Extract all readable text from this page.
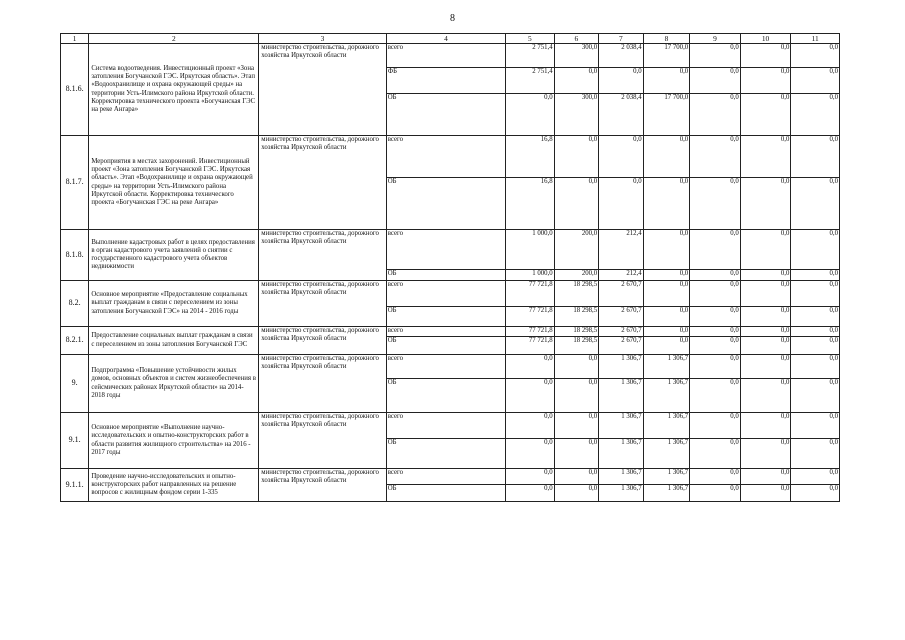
8
1	2	3	4	5	6	7	8	9	10	11
8.1.6.	Система водоотведения. Инвестиционный проект «Зона затопления Богучанской ГЭС. Иркутская область». Этап «Водоохранилище и охрана окружающей среды» на территории Усть-Илимского района Иркутской области. Корректировка технического проекта «Богучанская ГЭС на реке Ангара»	министерство строительства, дорожного хозяйства Иркутской области	всего	2 751,4	300,0	2 038,4	17 700,0	0,0	0,0	0,0
			ФБ	2 751,4	0,0	0,0	0,0	0,0	0,0	0,0
			ОБ	0,0	300,0	2 038,4	17 700,0	0,0	0,0	0,0
8.1.7.	Мероприятия в местах захоронений. Инвестиционный проект «Зона затопления Богучанской ГЭС. Иркутская область». Этап «Водохранилище и охрана окружающей среды» на территории Усть-Илимского района Иркутской области. Корректировка технического проекта «Богучанская ГЭС на реке Ангара»	министерство строительства, дорожного хозяйства Иркутской области	всего	16,8	0,0	0,0	0,0	0,0	0,0	0,0
			ОБ	16,8	0,0	0,0	0,0	0,0	0,0	0,0
8.1.8.	Выполнение кадастровых работ в целях предоставления в орган кадастрового учета заявлений о снятии с государственного кадастрового учета объектов недвижимости	министерство строительства, дорожного хозяйства Иркутской области	всего	1 000,0	200,0	212,4	0,0	0,0	0,0	0,0
			ОБ	1 000,0	200,0	212,4	0,0	0,0	0,0	0,0
8.2.	Основное мероприятие «Предоставление социальных выплат гражданам в связи с переселением из зоны затопления Богучанской ГЭС» на 2014 - 2016 годы	министерство строительства, дорожного хозяйства Иркутской области	всего	77 721,8	18 298,5	2 670,7	0,0	0,0	0,0	0,0
			ОБ	77 721,8	18 298,5	2 670,7	0,0	0,0	0,0	0,0
8.2.1.	Предоставление социальных выплат гражданам в связи с переселением из зоны затопления Богучанской ГЭС	министерство строительства, дорожного хозяйства Иркутской области	всего	77 721,8	18 298,5	2 670,7	0,0	0,0	0,0	0,0
			ОБ	77 721,8	18 298,5	2 670,7	0,0	0,0	0,0	0,0
9.	Подпрограмма «Повышение устойчивости жилых домов, основных объектов и систем жизнеобеспечения в сейсмических районах Иркутской области» на 2014-2018 годы	министерство строительства, дорожного хозяйства Иркутской области	всего	0,0	0,0	1 306,7	1 306,7	0,0	0,0	0,0
			ОБ	0,0	0,0	1 306,7	1 306,7	0,0	0,0	0,0
9.1.	Основное мероприятие «Выполнение научно-исследовательских и опытно-конструкторских работ в области развития жилищного строительства» на 2016 - 2017 годы	министерство строительства, дорожного хозяйства Иркутской области	всего	0,0	0,0	1 306,7	1 306,7	0,0	0,0	0,0
			ОБ	0,0	0,0	1 306,7	1 306,7	0,0	0,0	0,0
9.1.1.	Проведение научно-исследовательских и опытно-конструкторских работ направленных на решение вопросов с жилищным фондом серии 1-335	министерство строительства, дорожного хозяйства Иркутской области	всего	0,0	0,0	1 306,7	1 306,7	0,0	0,0	0,0
			ОБ	0,0	0,0	1 306,7	1 306,7	0,0	0,0	0,0
